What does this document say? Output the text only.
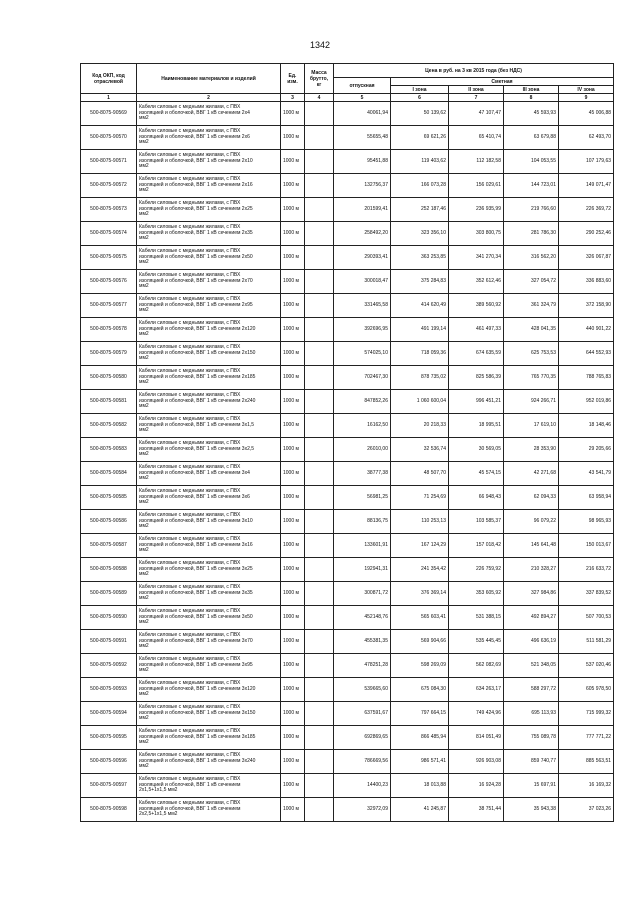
1342
Код ОКП, код отраслевой	Наименование материалов и изделий	Ед. изм.	Масса брутто, кг	Цена в руб. на 3 кв 2015 года (без НДС)				
				отпускная	Сметная			
					I зона	II зона	III зона	IV зона
1	2	3	4	5	6	7	8	9
500-8075-90569	Кабели силовые с медными жилами, с ПВХ
изоляцией и оболочкой, ВВГ 1 кВ сечением 2х4
мм2	1000 м		40061,94	50 139,62	47 107,47	45 593,93	45 006,88
500-8075-90570	Кабели силовые с медными жилами, с ПВХ
изоляцией и оболочкой, ВВГ 1 кВ сечением 2х6
мм2	1000 м		55655,48	69 621,26	65 410,74	63 679,88	62 493,70
500-8075-90571	Кабели силовые с медными жилами, с ПВХ
изоляцией и оболочкой, ВВГ 1 кВ сечением 2х10
мм2	1000 м		95451,88	119 403,62	112 182,58	104 053,55	107 179,63
500-8075-90572	Кабели силовые с медными жилами, с ПВХ
изоляцией и оболочкой, ВВГ 1 кВ сечением 2х16
мм2	1000 м		132756,37	166 073,28	156 029,61	144 723,01	149 071,47
500-8075-90573	Кабели силовые с медными жилами, с ПВХ
изоляцией и оболочкой, ВВГ 1 кВ сечением 2х25
мм2	1000 м		201599,41	252 187,46	236 935,99	219 766,60	226 369,72
500-8075-90574	Кабели силовые с медными жилами, с ПВХ
изоляцией и оболочкой, ВВГ 1 кВ сечением 2х35
мм2	1000 м		258492,20	323 356,10	303 800,75	281 786,30	290 252,46
500-8075-90575	Кабели силовые с медными жилами, с ПВХ
изоляцией и оболочкой, ВВГ 1 кВ сечением 2х50
мм2	1000 м		290393,41	363 253,85	341 270,34	316 562,20	326 067,87
500-8075-90576	Кабели силовые с медными жилами, с ПВХ
изоляцией и оболочкой, ВВГ 1 кВ сечением 2х70
мм2	1000 м		300018,47	375 284,83	352 612,46	327 054,72	336 883,60
500-8075-90577	Кабели силовые с медными жилами, с ПВХ
изоляцией и оболочкой, ВВГ 1 кВ сечением 2х95
мм2	1000 м		331465,58	414 620,49	389 560,92	361 324,79	372 158,90
500-8075-90578	Кабели силовые с медными жилами, с ПВХ
изоляцией и оболочкой, ВВГ 1 кВ сечением 2х120
мм2	1000 м		392696,95	491 199,14	461 497,33	428 041,35	440 901,22
500-8075-90579	Кабели силовые с медными жилами, с ПВХ
изоляцией и оболочкой, ВВГ 1 кВ сечением 2х150
мм2	1000 м		574025,10	718 059,36	674 635,59	625 753,53	644 552,93
500-8075-90580	Кабели силовые с медными жилами, с ПВХ
изоляцией и оболочкой, ВВГ 1 кВ сечением 2х185
мм2	1000 м		702467,30	878 735,02	825 586,39	765 770,35	788 765,83
500-8075-90581	Кабели силовые с медными жилами, с ПВХ
изоляцией и оболочкой, ВВГ 1 кВ сечением 2х240
мм2	1000 м		847852,26	1 060 600,04	996 451,21	924 266,71	952 019,86
500-8075-90582	Кабели силовые с медными жилами, с ПВХ
изоляцией и оболочкой, ВВГ 1 кВ сечением 3х1,5
мм2	1000 м		16162,50	20 218,33	18 995,51	17 619,10	18 148,46
500-8075-90583	Кабели силовые с медными жилами, с ПВХ
изоляцией и оболочкой, ВВГ 1 кВ сечением 3х2,5
мм2	1000 м		26010,00	32 536,74	30 569,05	28 353,90	29 205,66
500-8075-90584	Кабели силовые с медными жилами, с ПВХ
изоляцией и оболочкой, ВВГ 1 кВ сечением 3х4
мм2	1000 м		38777,38	48 507,70	45 574,15	42 271,68	43 541,79
500-8075-90585	Кабели силовые с медными жилами, с ПВХ
изоляцией и оболочкой, ВВГ 1 кВ сечением 3х6
мм2	1000 м		56981,25	71 254,69	66 948,43	62 094,33	63 958,94
500-8075-90586	Кабели силовые с медными жилами, с ПВХ
изоляцией и оболочкой, ВВГ 1 кВ сечением 3х10
мм2	1000 м		88136,75	110 253,13	103 585,37	96 079,22	98 965,93
500-8075-90587	Кабели силовые с медными жилами, с ПВХ
изоляцией и оболочкой, ВВГ 1 кВ сечением 3х16
мм2	1000 м		133601,91	167 124,29	157 018,42	145 641,48	150 013,67
500-8075-90588	Кабели силовые с медными жилами, с ПВХ
изоляцией и оболочкой, ВВГ 1 кВ сечением 3х25
мм2	1000 м		192941,31	241 354,42	226 759,92	210 328,27	216 633,72
500-8075-90589	Кабели силовые с медными жилами, с ПВХ
изоляцией и оболочкой, ВВГ 1 кВ сечением 3х35
мм2	1000 м		300871,72	376 369,14	353 605,92	327 984,86	337 839,52
500-8075-90590	Кабели силовые с медными жилами, с ПВХ
изоляцией и оболочкой, ВВГ 1 кВ сечением 3х50
мм2	1000 м		452148,76	565 603,41	531 388,15	492 894,27	507 700,53
500-8075-90591	Кабели силовые с медными жилами, с ПВХ
изоляцией и оболочкой, ВВГ 1 кВ сечением 3х70
мм2	1000 м		455381,35	569 904,66	535 445,45	496 636,19	511 581,29
500-8075-90592	Кабели силовые с медными жилами, с ПВХ
изоляцией и оболочкой, ВВГ 1 кВ сечением 3х95
мм2	1000 м		478251,28	598 269,09	562 082,69	521 348,05	537 020,46
500-8075-90593	Кабели силовые с медными жилами, с ПВХ
изоляцией и оболочкой, ВВГ 1 кВ сечением 3х120
мм2	1000 м		539665,60	675 084,30	634 263,17	588 297,72	605 978,50
500-8075-90594	Кабели силовые с медными жилами, с ПВХ
изоляцией и оболочкой, ВВГ 1 кВ сечением 3х150
мм2	1000 м		637591,67	797 664,15	749 424,96	695 113,93	715 999,32
500-8075-90595	Кабели силовые с медными жилами, с ПВХ
изоляцией и оболочкой, ВВГ 1 кВ сечением 3х185
мм2	1000 м		692869,65	866 485,94	814 051,49	755 089,78	777 771,22
500-8075-90596	Кабели силовые с медными жилами, с ПВХ
изоляцией и оболочкой, ВВГ 1 кВ сечением 3х240
мм2	1000 м		786669,56	986 571,41	926 903,08	859 740,77	885 563,51
500-8075-90597	Кабели силовые с медными жилами, с ПВХ
изоляцией и оболочкой, ВВГ 1 кВ сечением
2х1,5+1х1,5 мм2	1000 м		14400,23	18 013,88	16 924,28	15 697,91	16 169,32
500-8075-90598	Кабели силовые с медными жилами, с ПВХ
изоляцией и оболочкой, ВВГ 1 кВ сечением
2х2,5+1х1,5 мм2	1000 м		32972,09	41 245,87	38 751,44	35 943,38	37 023,26
